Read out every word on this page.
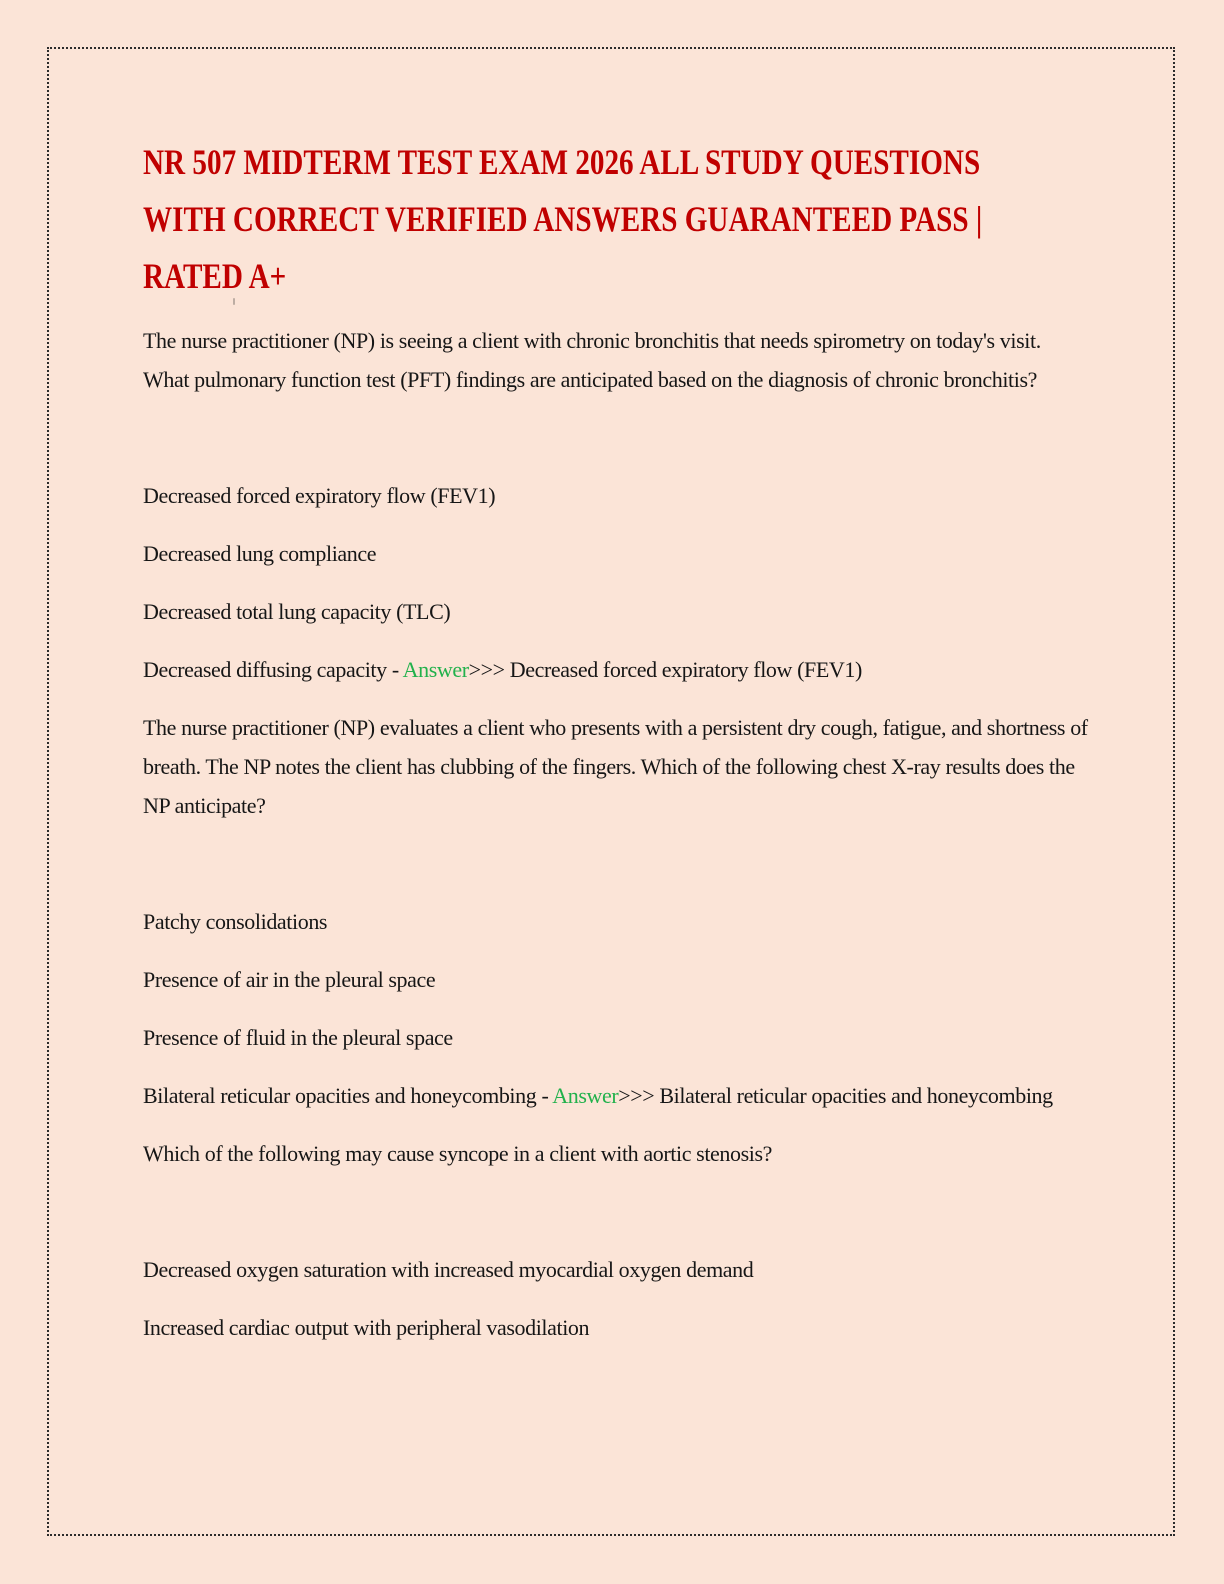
NR 507 MIDTERM TEST EXAM 2026 ALL STUDY QUESTIONS
WITH CORRECT VERIFIED ANSWERS GUARANTEED PASS |
RATED A+

The nurse practitioner (NP) is seeing a client with chronic bronchitis that needs spirometry on today's visit. What pulmonary function test (PFT) findings are anticipated based on the diagnosis of chronic bronchitis?

Decreased forced expiratory flow (FEV1)

Decreased lung compliance

Decreased total lung capacity (TLC)

Decreased diffusing capacity - Answer>>> Decreased forced expiratory flow (FEV1)

The nurse practitioner (NP) evaluates a client who presents with a persistent dry cough, fatigue, and shortness of breath. The NP notes the client has clubbing of the fingers. Which of the following chest X-ray results does the NP anticipate?

Patchy consolidations

Presence of air in the pleural space

Presence of fluid in the pleural space

Bilateral reticular opacities and honeycombing - Answer>>> Bilateral reticular opacities and honeycombing

Which of the following may cause syncope in a client with aortic stenosis?

Decreased oxygen saturation with increased myocardial oxygen demand

Increased cardiac output with peripheral vasodilation
